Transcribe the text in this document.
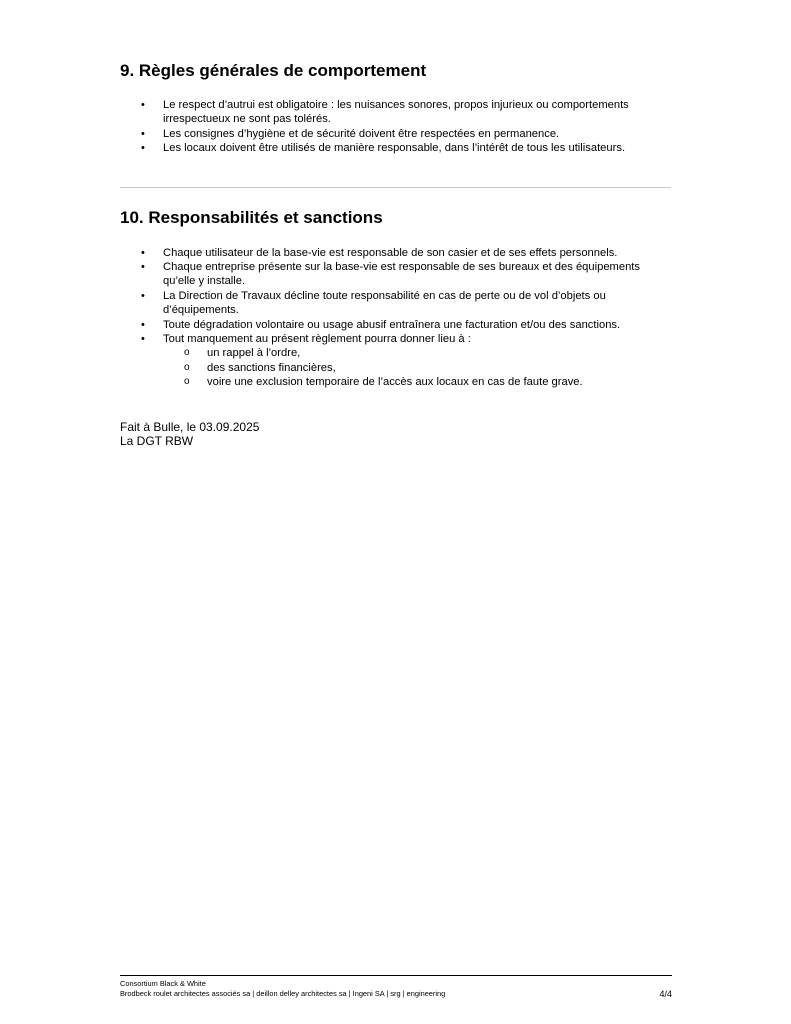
9. Règles générales de comportement
• Le respect d’autrui est obligatoire : les nuisances sonores, propos injurieux ou comportements irrespectueux ne sont pas tolérés.
• Les consignes d’hygiène et de sécurité doivent être respectées en permanence.
• Les locaux doivent être utilisés de manière responsable, dans l’intérêt de tous les utilisateurs.
10. Responsabilités et sanctions
• Chaque utilisateur de la base-vie est responsable de son casier et de ses effets personnels.
• Chaque entreprise présente sur la base-vie est responsable de ses bureaux et des équipements qu’elle y installe.
• La Direction de Travaux décline toute responsabilité en cas de perte ou de vol d’objets ou d’équipements.
• Toute dégradation volontaire ou usage abusif entraînera une facturation et/ou des sanctions.
• Tout manquement au présent règlement pourra donner lieu à :
o un rappel à l’ordre,
o des sanctions financières,
o voire une exclusion temporaire de l’accès aux locaux en cas de faute grave.
Fait à Bulle, le 03.09.2025
La DGT RBW
Consortium Black & White
Brodbeck roulet architectes associés sa | deillon delley architectes sa | Ingeni SA | srg | engineering	4/4
